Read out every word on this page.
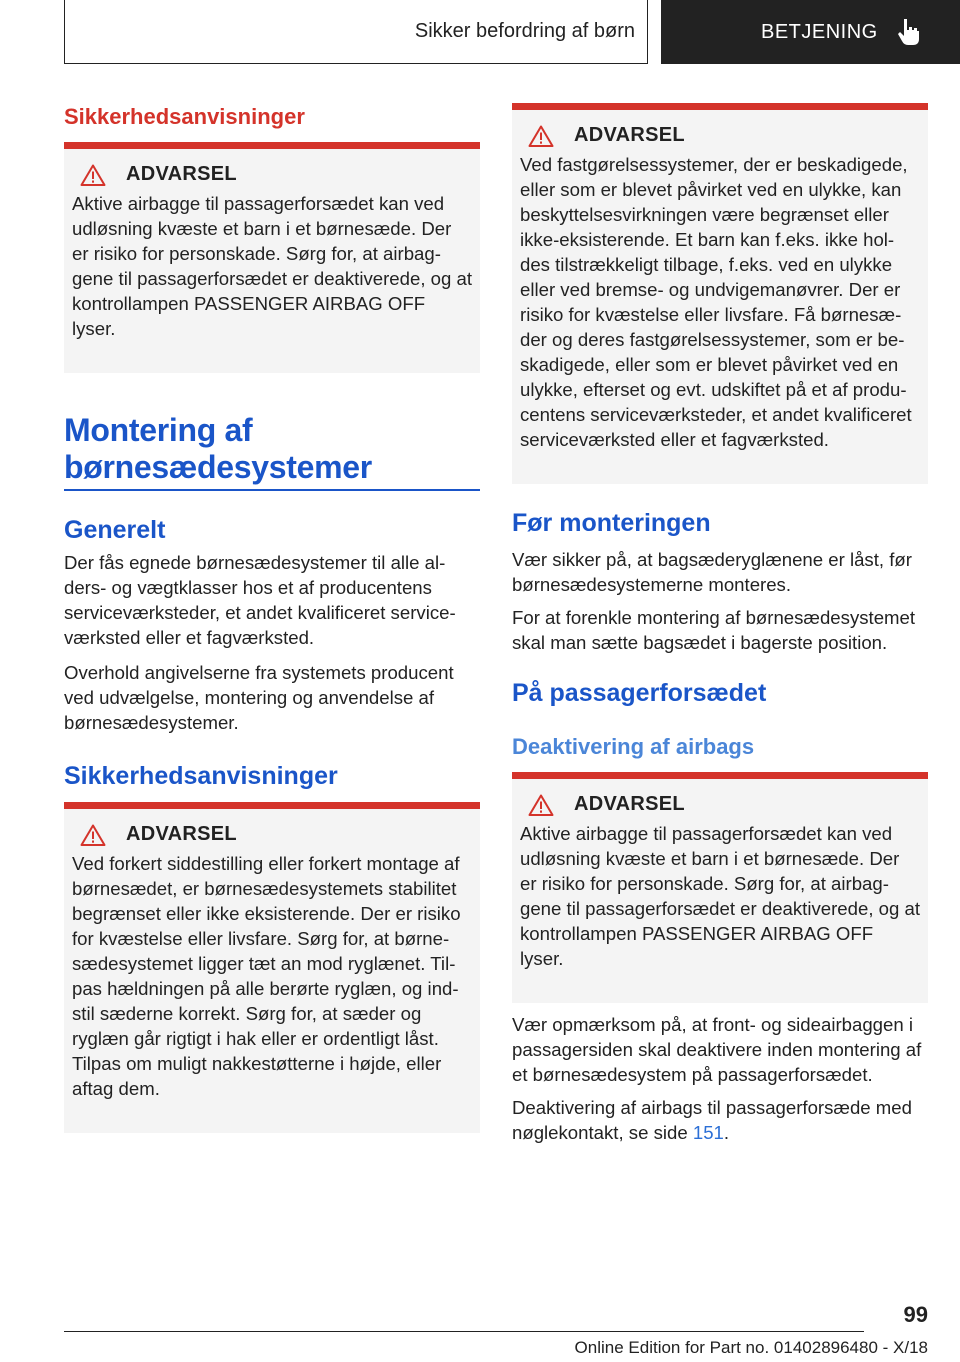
Sikker befordring af børn	BETJENING
Sikkerhedsanvisninger
ADVARSEL

Aktive airbagge til passagerforsædet kan ved udløsning kvæste et barn i et børnesæde. Der er risiko for personskade. Sørg for, at airbag-gene til passagerforsædet er deaktiverede, og at kontrollampen PASSENGER AIRBAG OFF lyser.

Montering af børnesædesystemer
Generelt

Der fås egnede børnesædesystemer til alle al-ders- og vægtklasser hos et af producentens serviceværksteder, et andet kvalificeret service-værksted eller et fagværksted.

Overhold angivelserne fra systemets producent ved udvælgelse, montering og anvendelse af børnesædesystemer.

Sikkerhedsanvisninger
ADVARSEL

Ved forkert siddestilling eller forkert montage af børnesædet, er børnesædesystemets stabilitet begrænset eller ikke eksisterende. Der er risiko for kvæstelse eller livsfare. Sørg for, at børne-sædesystemet ligger tæt an mod ryglænet. Til-pas hældningen på alle berørte ryglæn, og ind-stil sæderne korrekt. Sørg for, at sæder og ryglæn går rigtigt i hak eller er ordentligt låst. Tilpas om muligt nakkestøtterne i højde, eller aftag dem.

ADVARSEL

Ved fastgørelsessystemer, der er beskadigede, eller som er blevet påvirket ved en ulykke, kan beskyttelsesvirkningen være begrænset eller ikke-eksisterende. Et barn kan f.eks. ikke hol-des tilstrækkeligt tilbage, f.eks. ved en ulykke eller ved bremse- og undvigemanøvrer. Der er risiko for kvæstelse eller livsfare. Få børnesæ-der og deres fastgørelsessystemer, som er be-skadigede, eller som er blevet påvirket ved en ulykke, efterset og evt. udskiftet på et af produ-centens serviceværksteder, et andet kvalificeret serviceværksted eller et fagværksted.

Før monteringen

Vær sikker på, at bagsæderyglænene er låst, før børnesædesystemerne monteres.

For at forenkle montering af børnesædesystemet skal man sætte bagsædet i bagerste position.

På passagerforsædet
Deaktivering af airbags
ADVARSEL

Aktive airbagge til passagerforsædet kan ved udløsning kvæste et barn i et børnesæde. Der er risiko for personskade. Sørg for, at airbag-gene til passagerforsædet er deaktiverede, og at kontrollampen PASSENGER AIRBAG OFF lyser.

Vær opmærksom på, at front- og sideairbaggen i passagersiden skal deaktivere inden montering af et børnesædesystem på passagerforsædet.

Deaktivering af airbags til passagerforsæde med nøglekontakt, se side 151.

99
Online Edition for Part no. 01402896480 - X/18
